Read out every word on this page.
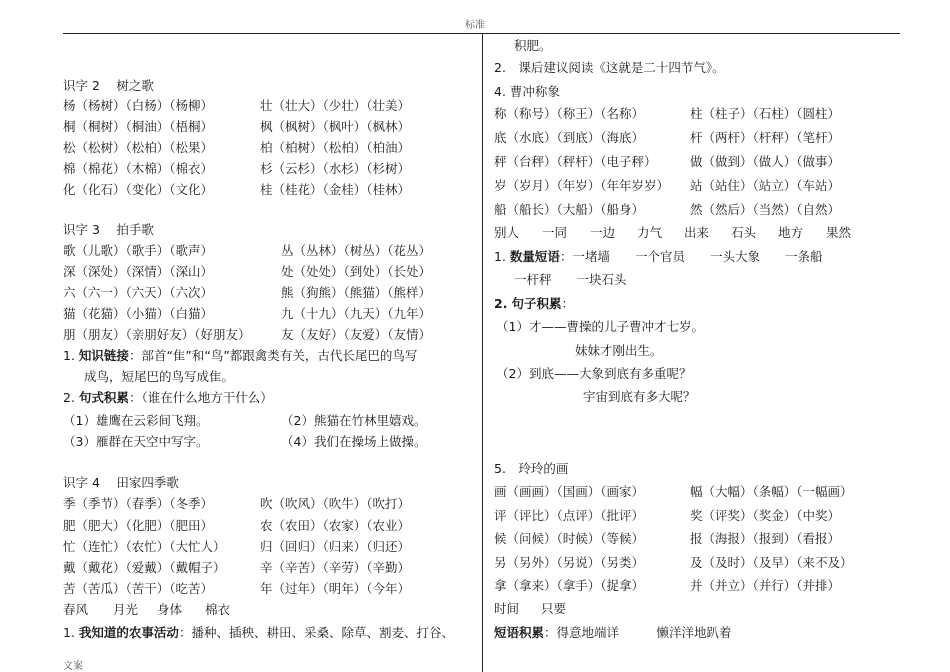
标准
识字 2　 树之歌
杨（杨树）（白杨）（杨柳）	壮（壮大）（少壮）（壮美）
桐（桐树）（桐油）（梧桐）	枫（枫树）（枫叶）（枫林）
松（松树）（松柏）（松果）	柏（柏树）（松柏）（柏油）
棉（棉花）（木棉）（棉衣）	杉（云杉）（水杉）（杉树）
化（化石）（变化）（文化）	桂（桂花）（金桂）（桂林）
识字 3　 拍手歌
歌（儿歌）（歌手）（歌声）	丛（丛林）（树丛）（花丛）
深（深处）（深情）（深山）	处（处处）（到处）（长处）
六（六一）（六天）（六次）	熊（狗熊）（熊猫）（熊样）
猫（花猫）（小猫）（白猫）	九（十九）（九天）（九年）
朋（朋友）（亲朋好友）（好朋友） 友（友好）（友爱）（友情）
1. 知识链接：部首“隹”和“鸟”都跟禽类有关，古代长尾巴的鸟写
成鸟，短尾巴的鸟写成隹。
2. 句式积累：（谁在什么地方干什么）
（1）雄鹰在云彩间飞翔。	（2）熊猫在竹林里嬉戏。
（3）雁群在天空中写字。	（4）我们在操场上做操。
识字 4　 田家四季歌
季（季节）（春季）（冬季）	吹（吹风）（吹牛）（吹打）
肥（肥大）（化肥）（肥田）	农（农田）（农家）（农业）
忙（连忙）（农忙）（大忙人）	归（回归）（归来）（归还）
戴（戴花）（爱戴）（戴帽子）	辛（辛苦）（辛劳）（辛勤）
苦（苦瓜）（苦干）（吃苦）	年（过年）（明年）（今年）
春风 月光 身体 棉衣
1. 我知道的农事活动：播种、插秧、耕田、采桑、除草、割麦、打谷、
积肥。
2.　课后建议阅读《这就是二十四节气》。
4. 曹冲称象
称（称号）（称王）（名称）	柱（柱子）（石柱）（圆柱）
底（水底）（到底）（海底）	杆（两杆）（杆秤）（笔杆）
秤（台秤）（秤杆）（电子秤）	做（做到）（做人）（做事）
岁（岁月）（年岁）（年年岁岁） 站（站住）（站立）（车站）
船（船长）（大船）（船身）	然（然后）（当然）（自然）
别人 一同 一边 力气 出来 石头 地方 果然
1. 数量短语：一堵墙　　一个官员　　一头大象　　一条船
一杆秤　　一块石头
2. 句子积累：
（1）才——曹操的儿子曹冲才七岁。
妹妹才刚出生。
（2）到底——大象到底有多重呢？
宇宙到底有多大呢？
5.　玲玲的画
画（画画）（国画）（画家）	幅（大幅）（条幅）（一幅画）
评（评比）（点评）（批评）	奖（评奖）（奖金）（中奖）
候（问候）（时候）（等候）	报（海报）（报到）（看报）
另（另外）（另说）（另类）	及（及时）（及早）（来不及）
拿（拿来）（拿手）（捉拿）	并（并立）（并行）（并排）
时间 只要
短语积累：得意地端详　　　懒洋洋地趴着
文案
